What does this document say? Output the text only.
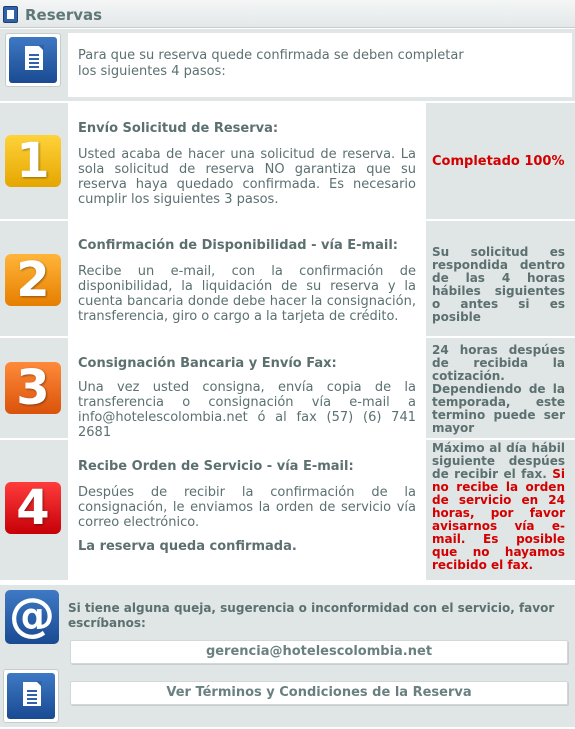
Reservas
Para que su reserva quede confirmada se deben completar
los siguientes 4 pasos:
1
Envío Solicitud de Reserva:
Usted acaba de hacer una solicitud de reserva. La sola solicitud de reserva NO garantiza que su reserva haya quedado confirmada. Es necesario cumplir los siguientes 3 pasos.
Completado 100%
2
Confirmación de Disponibilidad - vía E-mail:
Recibe un e-mail, con la confirmación de disponibilidad, la liquidación de su reserva y la cuenta bancaria donde debe hacer la consignación, transferencia, giro o cargo a la tarjeta de crédito.
Su solicitud es respondida dentro de las 4 horas hábiles siguientes o antes si es posible
3	Consignación Bancaria y Envío Fax:
Una vez usted consigna, envía copia de la transferencia o consignación vía e-mail a info@hotelescolombia.net ó al fax (57) (6) 741 2681
24 horas despúes de recibida la cotización. Dependiendo de la temporada, este termino puede ser mayor
4
Recibe Orden de Servicio - vía E-mail:
Despúes de recibir la confirmación de la consignación, le enviamos la orden de servicio vía correo electrónico.
La reserva queda confirmada.
Máximo al día hábil siguiente despúes de recibir el fax. Si no recibe la orden de servicio en 24 horas, por favor avisarnos vía e-mail. Es posible que no hayamos recibido el fax.
@	Si tiene alguna queja, sugerencia o inconformidad con el servicio, favor escríbanos:
gerencia@hotelescolombia.net
Ver Términos y Condiciones de la Reserva
